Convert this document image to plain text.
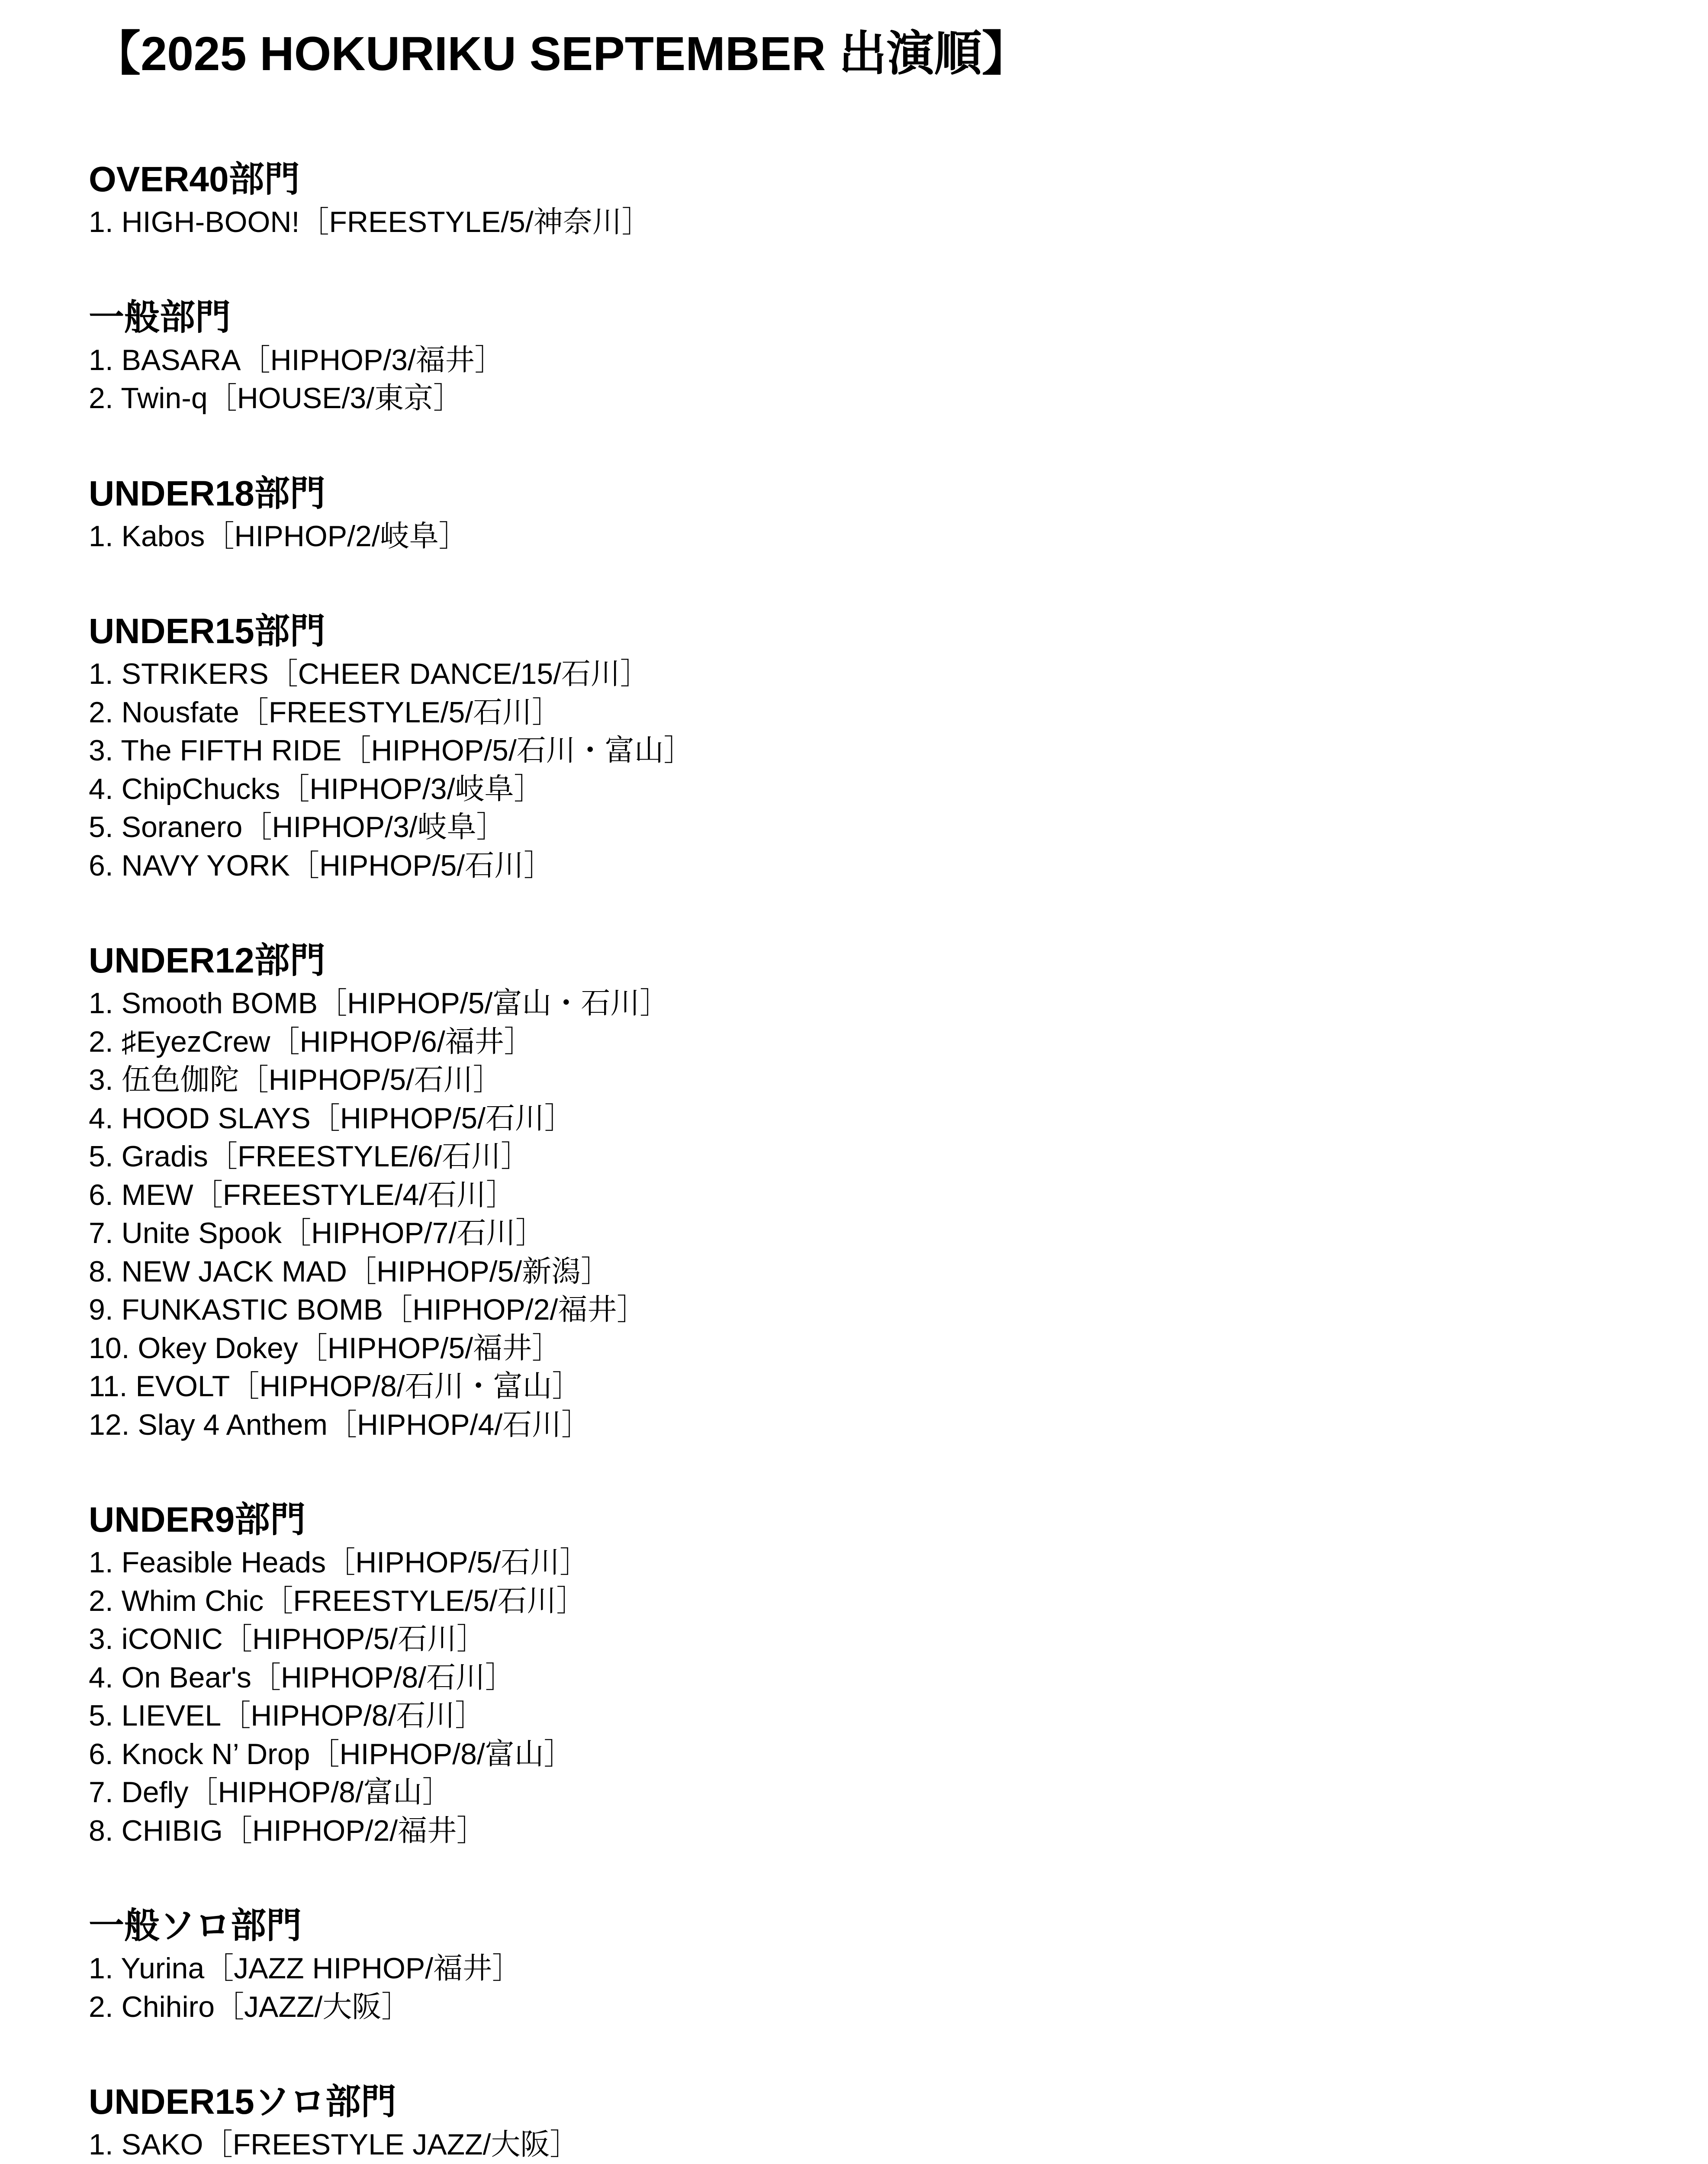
【2025 HOKURIKU SEPTEMBER 出演順】
OVER40部門
1. HIGH-BOON!［FREESTYLE/5/神奈川］
一般部門
1. BASARA［HIPHOP/3/福井］
2. Twin-q［HOUSE/3/東京］
UNDER18部門
1. Kabos［HIPHOP/2/岐阜］
UNDER15部門
1. STRIKERS［CHEER DANCE/15/石川］
2. Nousfate［FREESTYLE/5/石川］
3. The FIFTH RIDE［HIPHOP/5/石川・富山］
4. ChipChucks［HIPHOP/3/岐阜］
5. Soranero［HIPHOP/3/岐阜］
6. NAVY YORK［HIPHOP/5/石川］
UNDER12部門
1. Smooth BOMB［HIPHOP/5/富山・石川］
2. ♯EyezCrew［HIPHOP/6/福井］
3. 伍色伽陀［HIPHOP/5/石川］
4. HOOD SLAYS［HIPHOP/5/石川］
5. Gradis［FREESTYLE/6/石川］
6. MEW［FREESTYLE/4/石川］
7. Unite Spook［HIPHOP/7/石川］
8. NEW JACK MAD［HIPHOP/5/新潟］
9. FUNKASTIC BOMB［HIPHOP/2/福井］
10. Okey Dokey［HIPHOP/5/福井］
11. EVOLT［HIPHOP/8/石川・富山］
12. Slay 4 Anthem［HIPHOP/4/石川］
UNDER9部門
1. Feasible Heads［HIPHOP/5/石川］
2. Whim Chic［FREESTYLE/5/石川］
3. iCONIC［HIPHOP/5/石川］
4. On Bear's［HIPHOP/8/石川］
5. LIEVEL［HIPHOP/8/石川］
6. Knock N’ Drop［HIPHOP/8/富山］
7. Defly［HIPHOP/8/富山］
8. CHIBIG［HIPHOP/2/福井］
一般ソロ部門
1. Yurina［JAZZ HIPHOP/福井］
2. Chihiro［JAZZ/大阪］
UNDER15ソロ部門
1. SAKO［FREESTYLE JAZZ/大阪］
